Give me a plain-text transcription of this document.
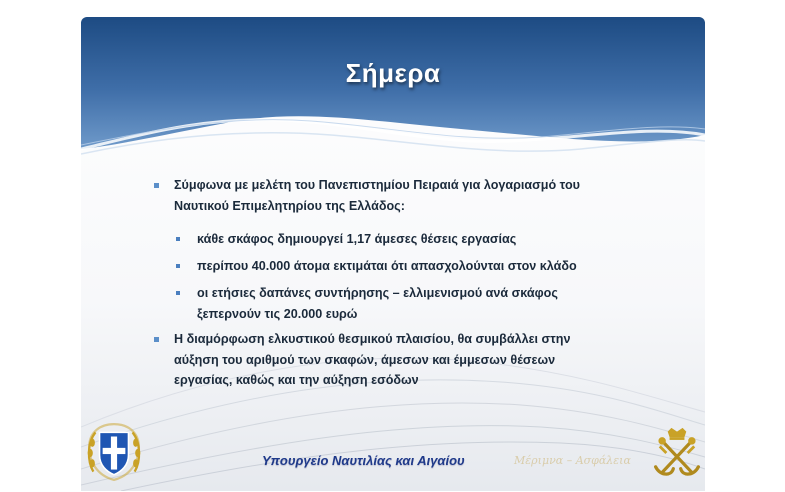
Σήμερα
Σύμφωνα με μελέτη του Πανεπιστημίου Πειραιά για λογαριασμό του
Ναυτικού Επιμελητηρίου της Ελλάδος:
κάθε σκάφος δημιουργεί 1,17 άμεσες θέσεις εργασίας
περίπου 40.000 άτομα εκτιμάται ότι απασχολούνται στον κλάδο
οι ετήσιες δαπάνες συντήρησης – ελλιμενισμού ανά σκάφος
ξεπερνούν τις 20.000 ευρώ
Η διαμόρφωση ελκυστικού θεσμικού πλαισίου, θα συμβάλλει στην
αύξηση του αριθμού των σκαφών, άμεσων και έμμεσων θέσεων
εργασίας, καθώς και την αύξηση εσόδων
Υπουργείο Ναυτιλίας και Αιγαίου	Μέριμνα – Ασφάλεια
